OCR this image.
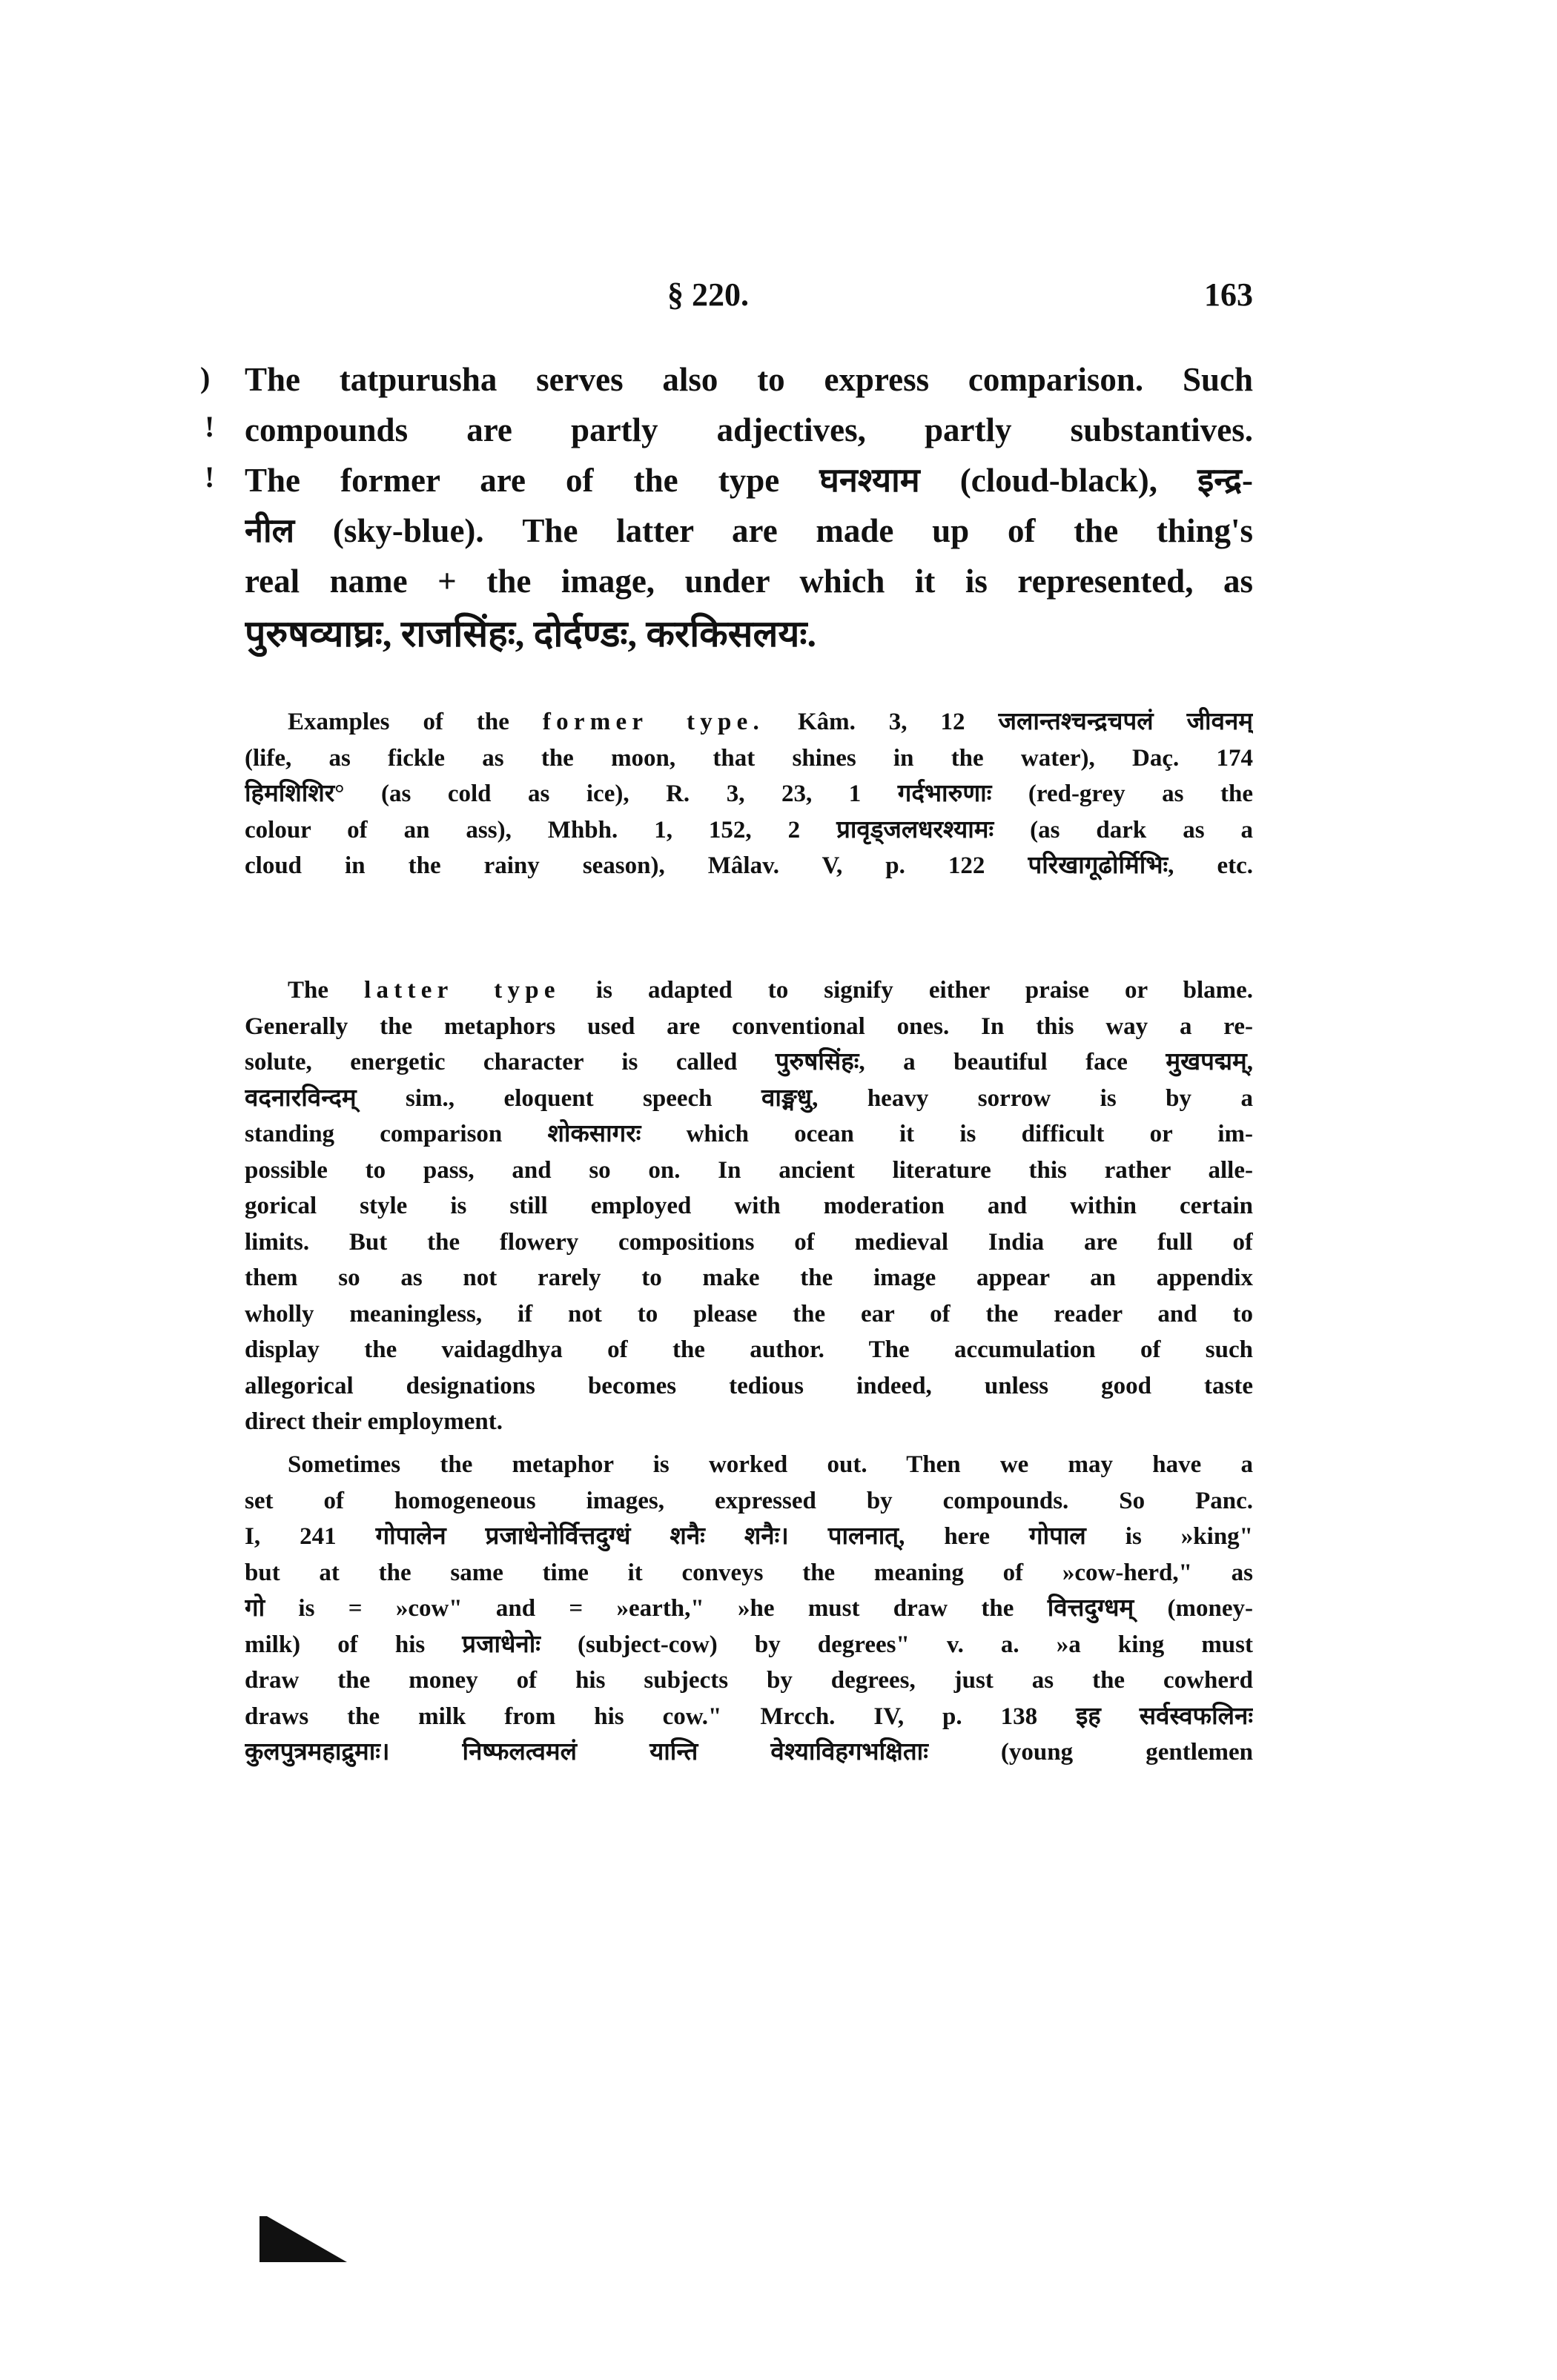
§ 220.	163
)
!
!
The tatpurusha serves also to express comparison. Such
compounds are partly adjectives, partly substantives.
The former are of the type घनश्याम (cloud-black), इन्द्र-
नील (sky-blue). The latter are made up of the thing's
real name + the image, under which it is represented, as
पुरुषव्याघ्रः, राजसिंहः, दोर्दण्डः, करकिसलयः.
Examples of the former type. Kâm. 3, 12 जलान्तश्चन्द्रचपलं जीवनम्
(life, as fickle as the moon, that shines in the water), Daç. 174
हिमशिशिर° (as cold as ice), R. 3, 23, 1 गर्दभारुणाः (red-grey as the
colour of an ass), Mhbh. 1, 152, 2 प्रावृड्जलधरश्यामः (as dark as a
cloud in the rainy season), Mâlav. V, p. 122 परिखागूढोर्मिभिः, etc.
The latter type is adapted to signify either praise or blame.
Generally the metaphors used are conventional ones. In this way a re-
solute, energetic character is called पुरुषसिंहः, a beautiful face मुखपद्मम्,
वदनारविन्दम् sim., eloquent speech वाङ्मधु, heavy sorrow is by a
standing comparison शोकसागरः which ocean it is difficult or im-
possible to pass, and so on. In ancient literature this rather alle-
gorical style is still employed with moderation and within certain
limits. But the flowery compositions of medieval India are full of
them so as not rarely to make the image appear an appendix
wholly meaningless, if not to please the ear of the reader and to
display the vaidagdhya of the author. The accumulation of such
allegorical designations becomes tedious indeed, unless good taste
direct their employment.
Sometimes the metaphor is worked out. Then we may have a
set of homogeneous images, expressed by compounds. So Panc.
I, 241 गोपालेन प्रजाधेनोर्वित्तदुग्धं शनैः शनैः। पालनात्, here गोपाल is »king"
but at the same time it conveys the meaning of »cow-herd," as
गो is = »cow" and = »earth," »he must draw the वित्तदुग्धम् (money-
milk) of his प्रजाधेनोः (subject-cow) by degrees" v. a. »a king must
draw the money of his subjects by degrees, just as the cowherd
draws the milk from his cow." Mrcch. IV, p. 138 इह सर्वस्वफलिनः
कुलपुत्रमहाद्रुमाः। निष्फलत्वमलं यान्ति वेश्याविहगभक्षिताः (young gentlemen
